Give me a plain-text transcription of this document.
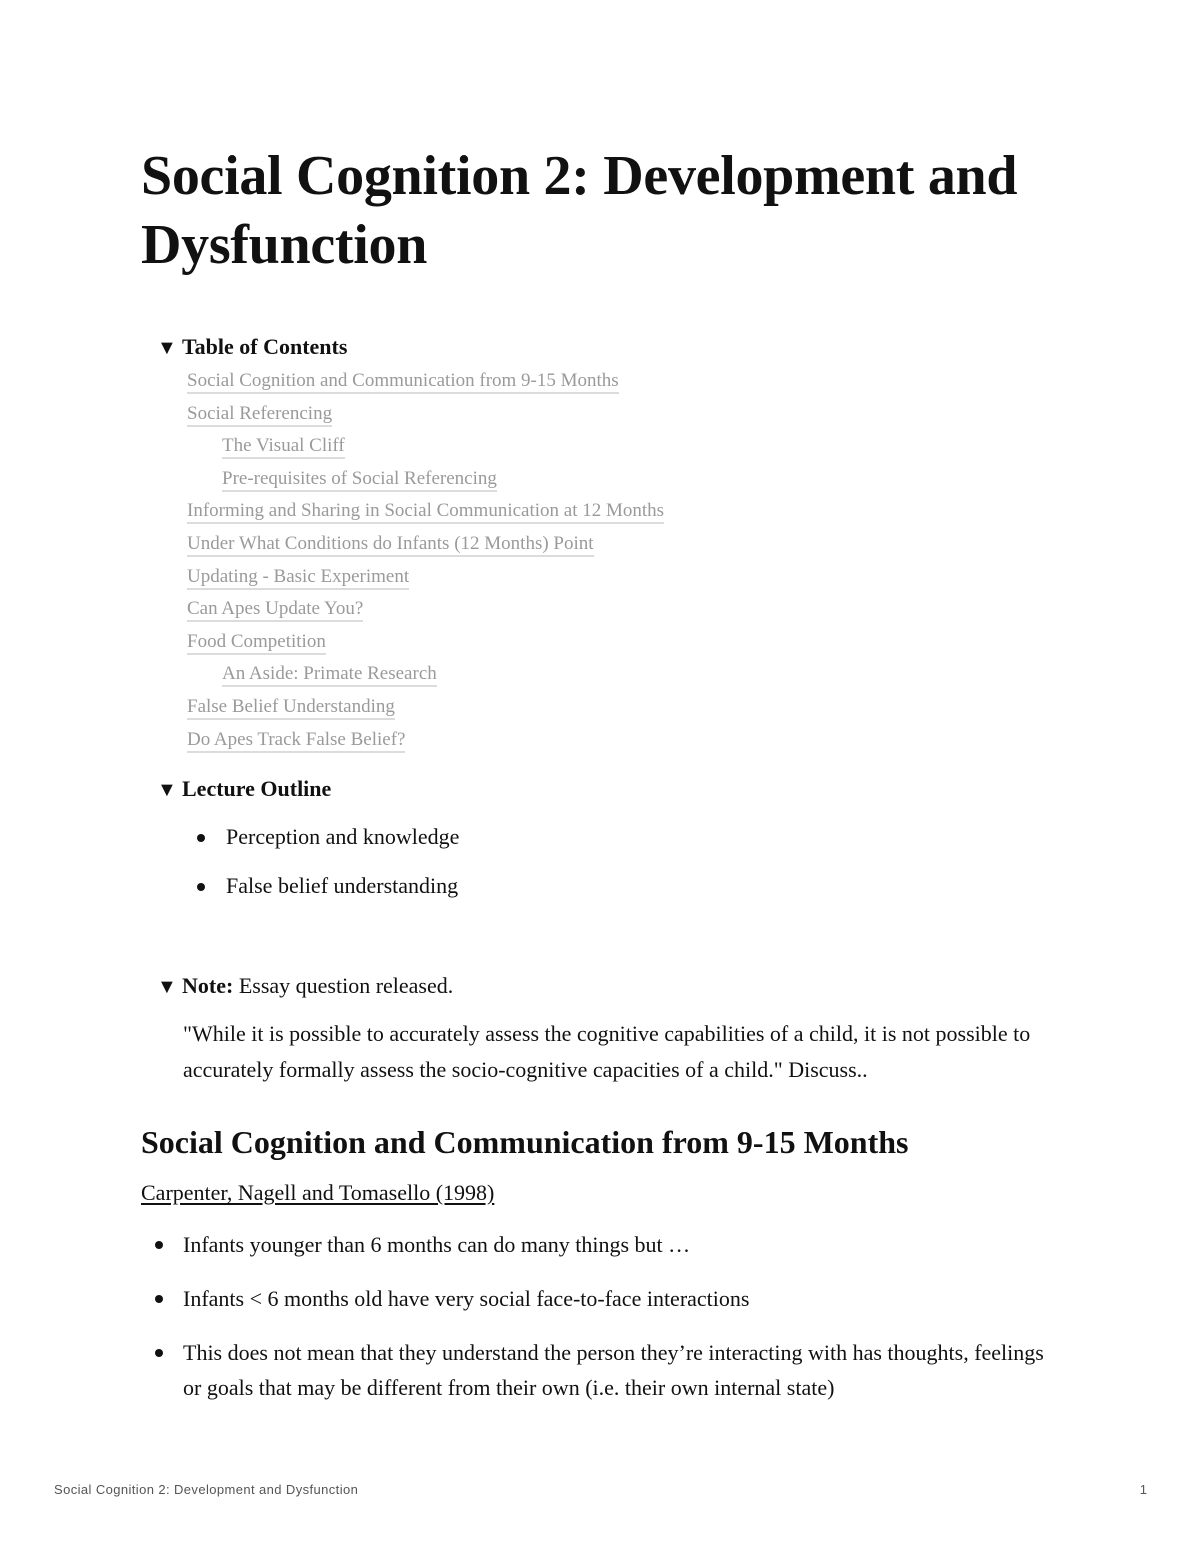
Social Cognition 2: Development and Dysfunction
▼ Table of Contents
Social Cognition and Communication from 9-15 Months
Social Referencing
The Visual Cliff
Pre-requisites of Social Referencing
Informing and Sharing in Social Communication at 12 Months
Under What Conditions do Infants (12 Months) Point
Updating - Basic Experiment
Can Apes Update You?
Food Competition
An Aside: Primate Research
False Belief Understanding
Do Apes Track False Belief?
▼ Lecture Outline
Perception and knowledge
False belief understanding
▼ Note: Essay question released.

"While it is possible to accurately assess the cognitive capabilities of a child, it is not possible to accurately formally assess the socio-cognitive capacities of a child." Discuss..

Social Cognition and Communication from 9-15 Months
Carpenter, Nagell and Tomasello (1998)
Infants younger than 6 months can do many things but …
Infants < 6 months old have very social face-to-face interactions
This does not mean that they understand the person they’re interacting with has thoughts, feelings or goals that may be different from their own (i.e. their own internal state)
Social Cognition 2: Development and Dysfunction	1
